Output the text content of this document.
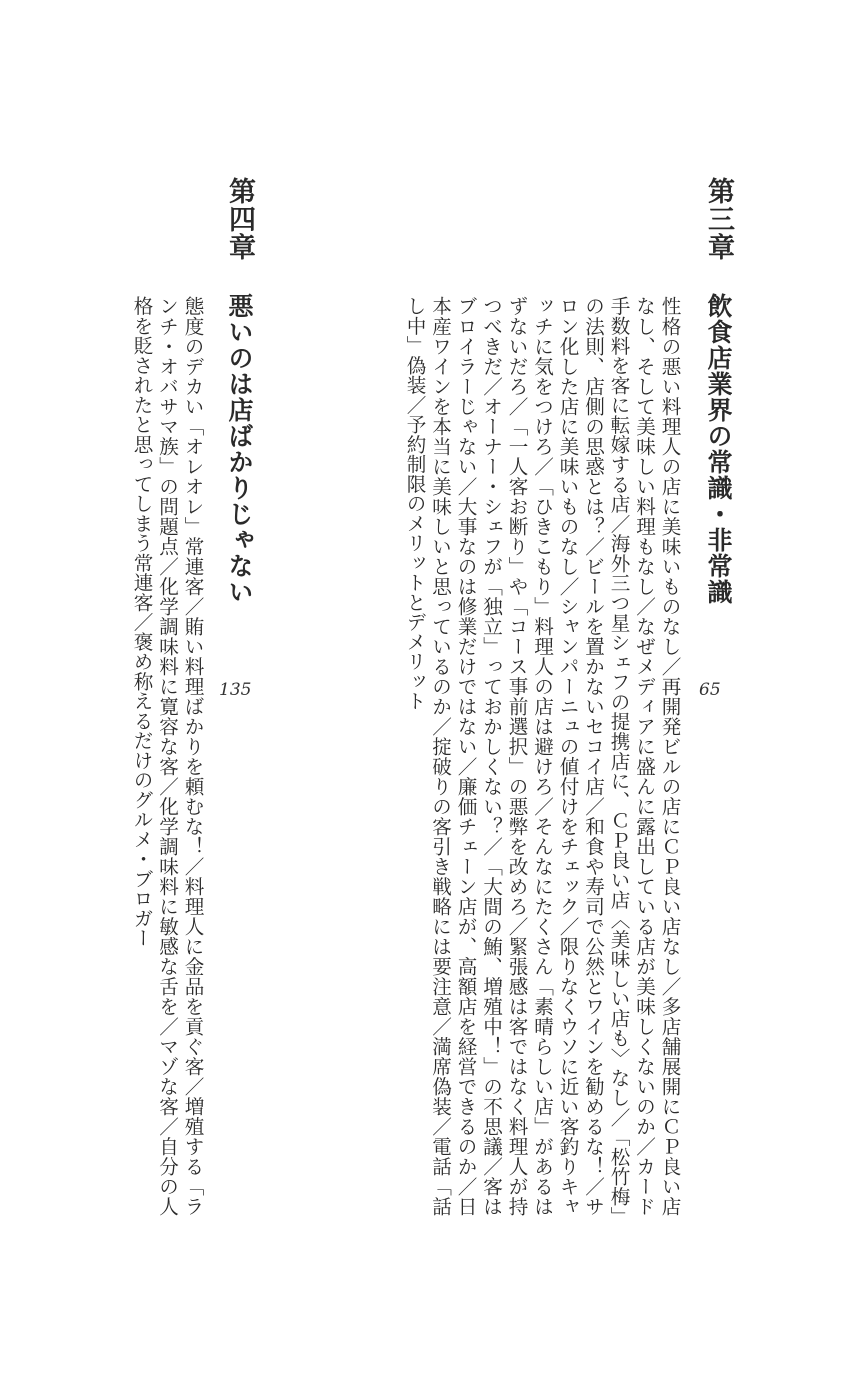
第三章
飲食店業界の常識・非常識
65

性格の悪い料理人の店に美味いものなし／再開発ビルの店にＣＰ良い店なし／多店舗展開にＣＰ良い店なし、そして美味しい料理もなし／なぜメディアに盛んに露出している店が美味しくないのか／カード手数料を客に転嫁する店／海外三つ星シェフの提携店に、ＣＰ良い店〈美味しい店も〉なし／「松竹梅」の法則、店側の思惑とは？／ビールを置かないセコイ店／和食や寿司で公然とワインを勧めるな！／サロン化した店に美味いものなし／シャンパーニュの値付けをチェック／限りなくウソに近い客釣りキャッチに気をつけろ／「ひきこもり」料理人の店は避けろ／そんなにたくさん「素晴らしい店」があるはずないだろ／「一人客お断り」や「コース事前選択」の悪弊を改めろ／緊張感は客ではなく料理人が持つべきだ／オーナー・シェフが「独立」っておかしくない？／「大間の鮪、増殖中！」の不思議／客はブロイラーじゃない／大事なのは修業だけではない／廉価チェーン店が、高額店を経営できるのか／日本産ワインを本当に美味しいと思っているのか／掟破りの客引き戦略には要注意／満席偽装／電話「話し中」偽装／予約制限のメリットとデメリット

第四章
悪いのは店ばかりじゃない
135

態度のデカい「オレオレ」常連客／賄い料理ばかりを頼むな！／料理人に金品を貢ぐ客／増殖する「ランチ・オバサマ族」の問題点／化学調味料に寛容な客／化学調味料に敏感な舌を／マゾな客／自分の人格を貶されたと思ってしまう常連客／褒め称えるだけのグルメ・ブロガー
